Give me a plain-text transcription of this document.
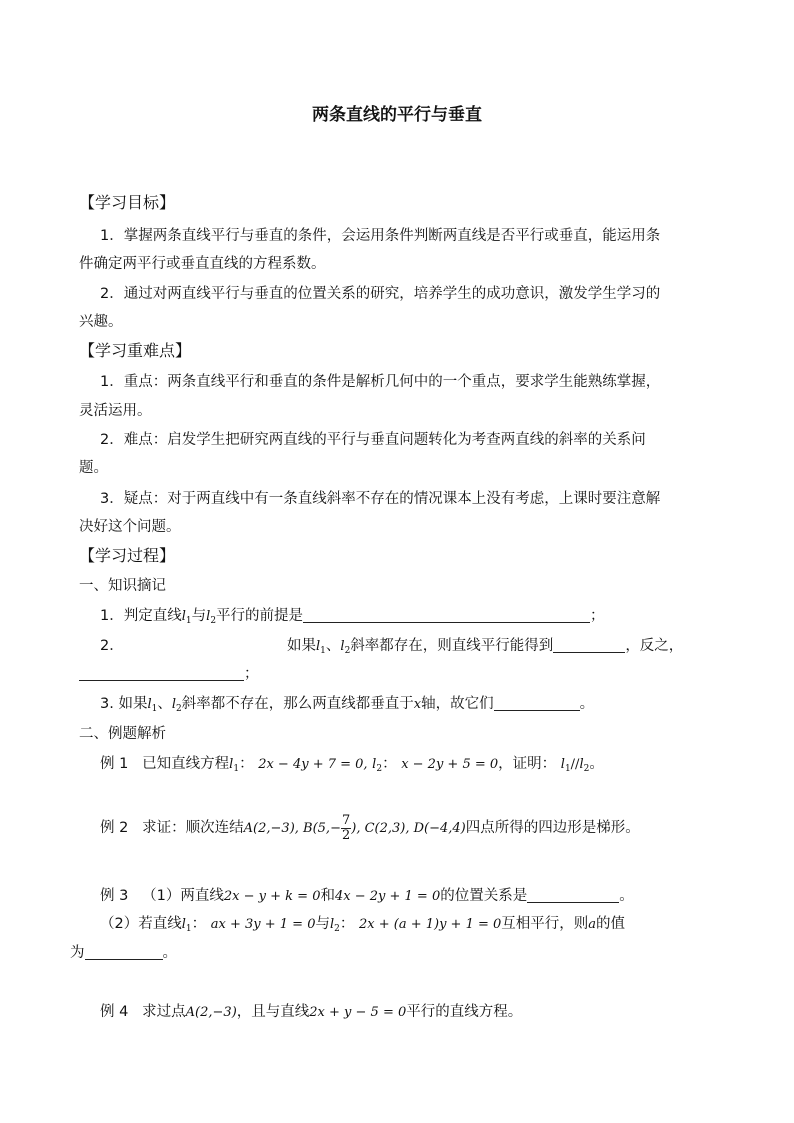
两条直线的平行与垂直
【学习目标】
1．掌握两条直线平行与垂直的条件，会运用条件判断两直线是否平行或垂直，能运用条
件确定两平行或垂直直线的方程系数。
2．通过对两直线平行与垂直的位置关系的研究，培养学生的成功意识，激发学生学习的
兴趣。
【学习重难点】
1．重点：两条直线平行和垂直的条件是解析几何中的一个重点，要求学生能熟练掌握，
灵活运用。
2．难点：启发学生把研究两直线的平行与垂直问题转化为考查两直线的斜率的关系问
题。
3．疑点：对于两直线中有一条直线斜率不存在的情况课本上没有考虑，上课时要注意解
决好这个问题。
【学习过程】
一、知识摘记
1．判定直线$l_1$与$l_2$平行的前提是	；
2．	如果$l_1$、$l_2$斜率都存在，则直线平行能得到	，反之，
；
3. 如果$l_1$、$l_2$斜率都不存在，那么两直线都垂直于x轴，故它们	。
二、例题解析
例 1 已知直线方程$l_1$： 2x − 4y + 7 = 0, $l_2$： x − 2y + 5 = 0，证明： $l_1//l_2$。
例 2 求证：顺次连结A(2,−3), $B(5,- \frac{7}{2}$ ), C(2,3), D(−4,4)四点所得的四边形是梯形。
例 3 （1）两直线2x − y + k = 0和4x − 2y + 1 = 0的位置关系是	。
（2）若直线$l_1$： ax + 3y + 1 = 0与$l_2$： 2x + (a + 1)y + 1 = 0互相平行，则a的值
为	。
例 4 求过点A(2,−3)，且与直线2x + y − 5 = 0平行的直线方程。
